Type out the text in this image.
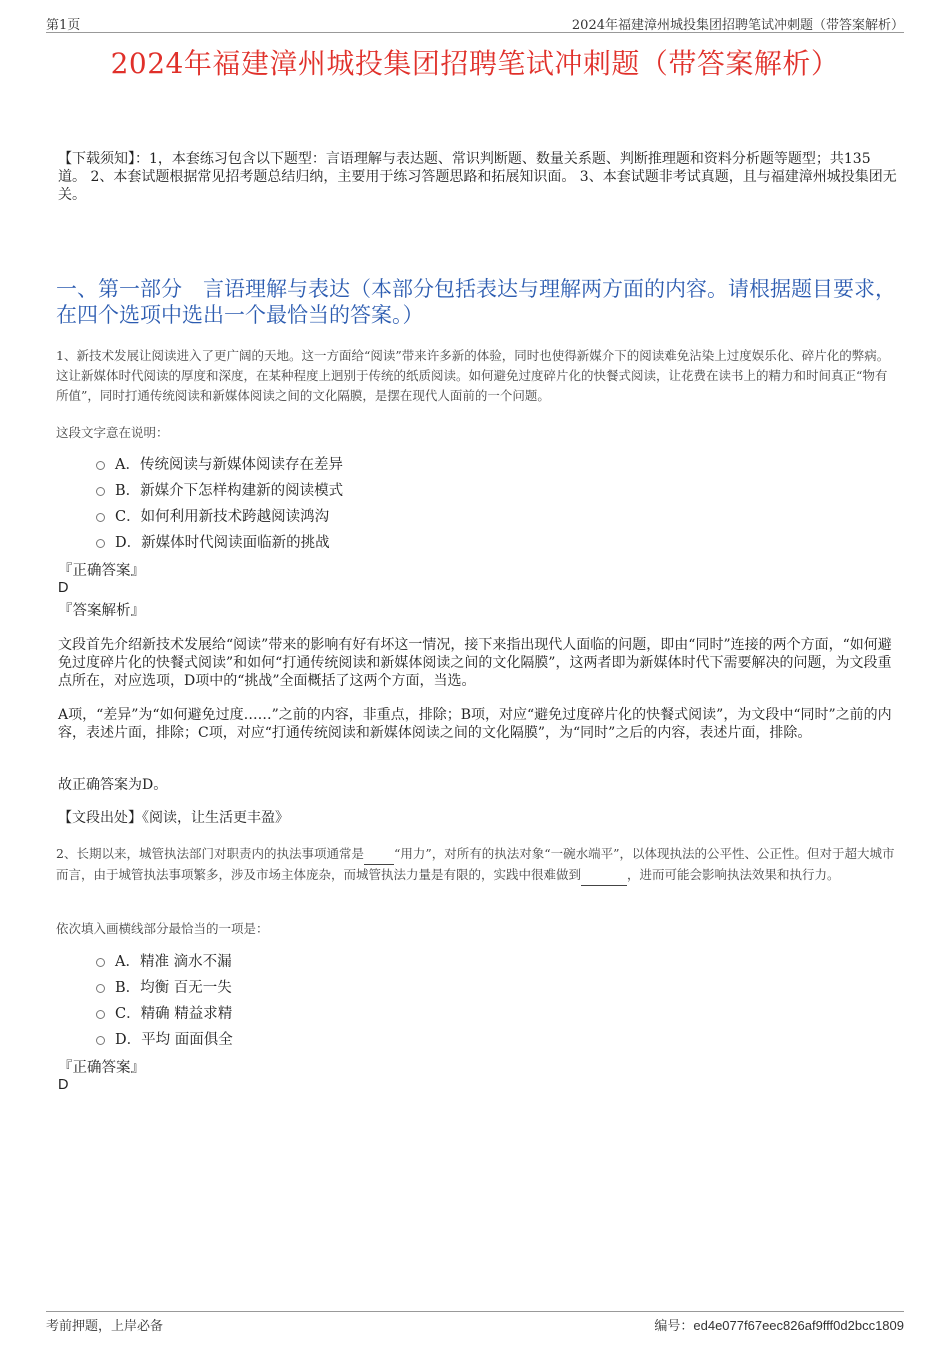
第1页	2024年福建漳州城投集团招聘笔试冲刺题（带答案解析）
2024年福建漳州城投集团招聘笔试冲刺题（带答案解析）
【下载须知】：1，本套练习包含以下题型：言语理解与表达题、常识判断题、数量关系题、判断推理题和资料分析题等题型；共135道。 2、本套试题根据常见招考题总结归纳，主要用于练习答题思路和拓展知识面。 3、本套试题非考试真题，且与福建漳州城投集团无关。
一、第一部分　言语理解与表达（本部分包括表达与理解两方面的内容。请根据题目要求，在四个选项中选出一个最恰当的答案。）
1、新技术发展让阅读进入了更广阔的天地。这一方面给“阅读”带来许多新的体验，同时也使得新媒介下的阅读难免沾染上过度娱乐化、碎片化的弊病。这让新媒体时代阅读的厚度和深度，在某种程度上迥别于传统的纸质阅读。如何避免过度碎片化的快餐式阅读，让花费在读书上的精力和时间真正“物有所值”，同时打通传统阅读和新媒体阅读之间的文化隔膜，是摆在现代人面前的一个问题。
这段文字意在说明：
A．传统阅读与新媒体阅读存在差异
B．新媒介下怎样构建新的阅读模式
C．如何利用新技术跨越阅读鸿沟
D．新媒体时代阅读面临新的挑战
『正确答案』
D
『答案解析』
文段首先介绍新技术发展给“阅读”带来的影响有好有坏这一情况，接下来指出现代人面临的问题，即由“同时”连接的两个方面，“如何避免过度碎片化的快餐式阅读”和如何“打通传统阅读和新媒体阅读之间的文化隔膜”，这两者即为新媒体时代下需要解决的问题，为文段重点所在，对应选项，D项中的“挑战”全面概括了这两个方面，当选。
A项，“差异”为“如何避免过度……”之前的内容，非重点，排除；B项，对应“避免过度碎片化的快餐式阅读”，为文段中“同时”之前的内容，表述片面，排除；C项，对应“打通传统阅读和新媒体阅读之间的文化隔膜”，为“同时”之后的内容，表述片面，排除。
故正确答案为D。
【文段出处】《阅读，让生活更丰盈》
2、长期以来，城管执法部门对职责内的执法事项通常是 “用力”，对所有的执法对象“一碗水端平”，以体现执法的公平性、公正性。但对于超大城市而言，由于城管执法事项繁多，涉及市场主体庞杂，而城管执法力量是有限的，实践中很难做到	，进而可能会影响执法效果和执行力。
依次填入画横线部分最恰当的一项是：
A．精准 滴水不漏
B．均衡 百无一失
C．精确 精益求精
D．平均 面面俱全
『正确答案』
D
考前押题，上岸必备	编号：ed4e077f67eec826af9fff0d2bcc1809
